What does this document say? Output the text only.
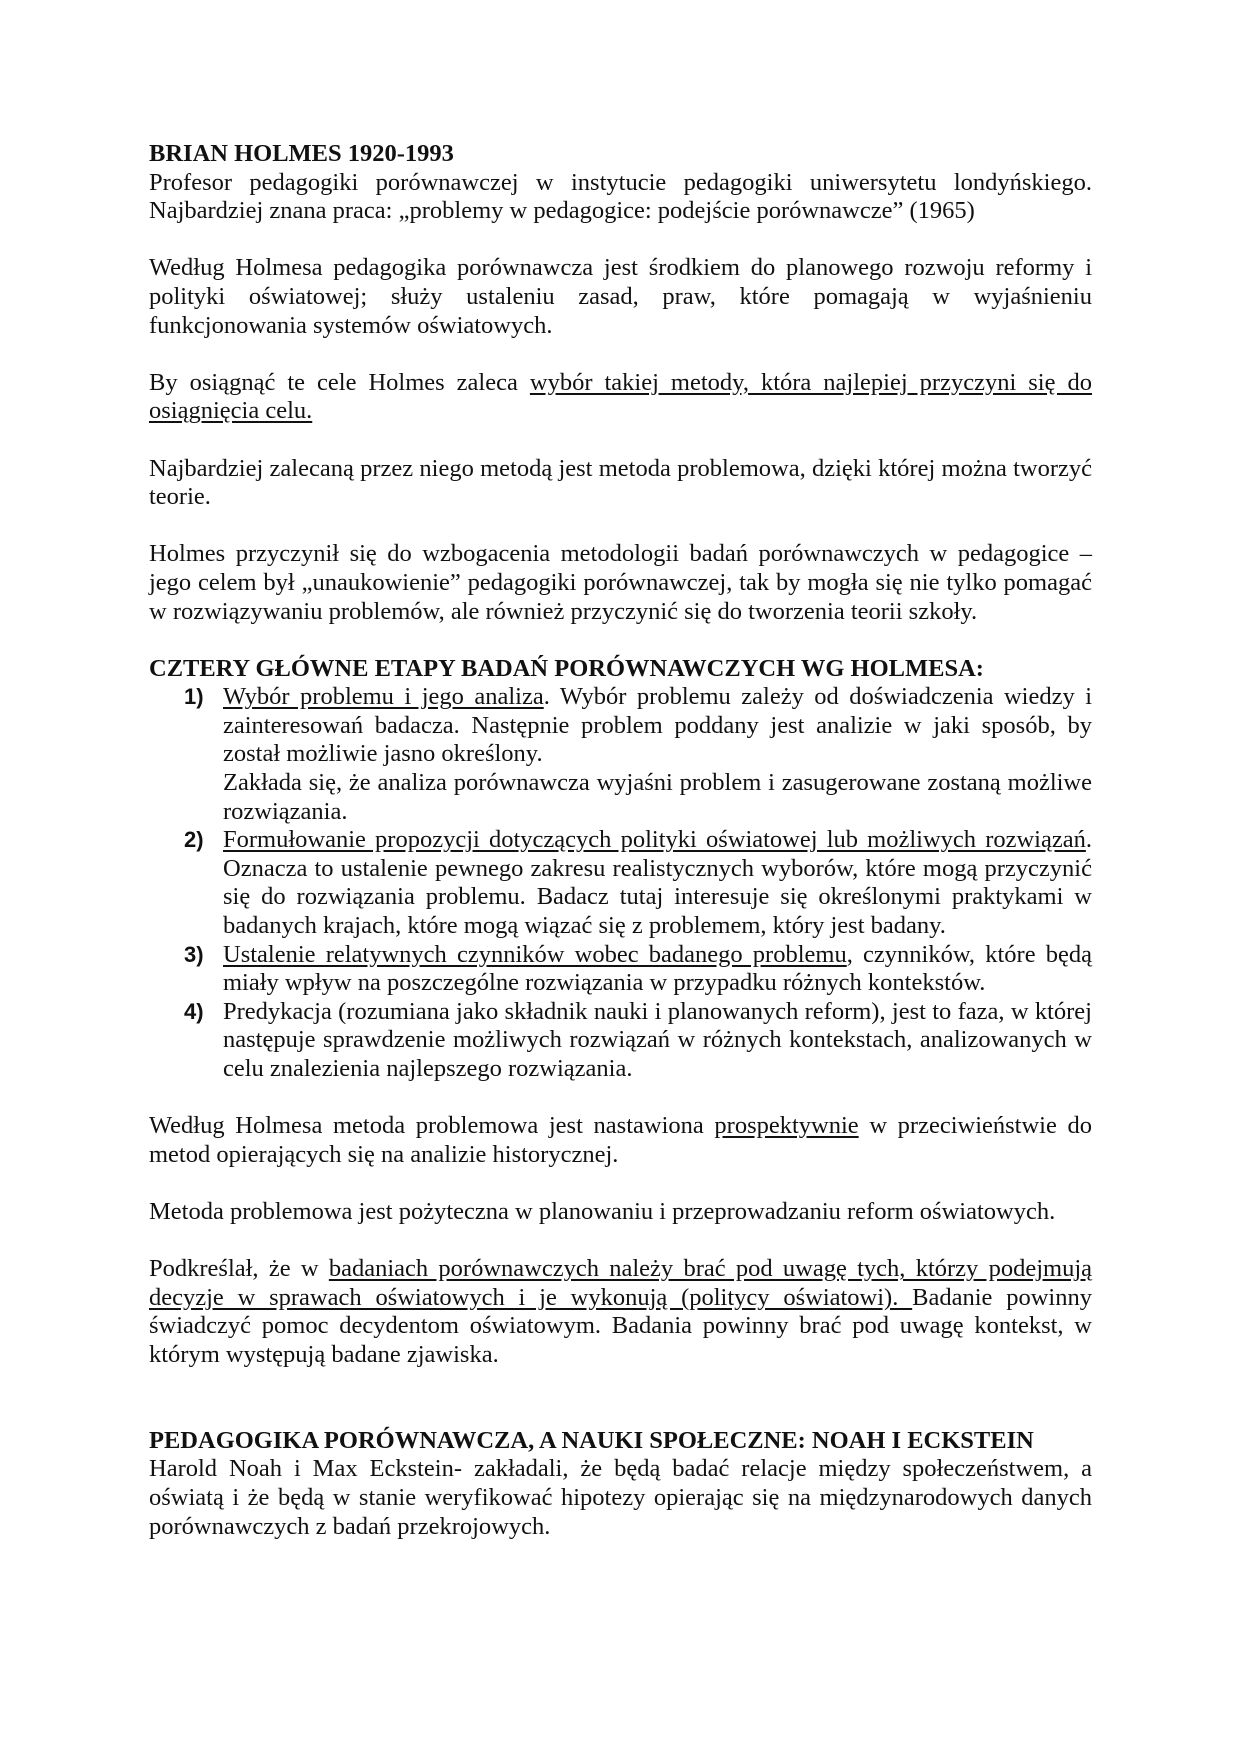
BRIAN HOLMES 1920-1993

Profesor pedagogiki porównawczej w instytucie pedagogiki uniwersytetu londyńskiego. Najbardziej znana praca: „problemy w pedagogice: podejście porównawcze” (1965)

Według Holmesa pedagogika porównawcza jest środkiem do planowego rozwoju reformy i polityki oświatowej; służy ustaleniu zasad, praw, które pomagają w wyjaśnieniu funkcjonowania systemów oświatowych.

By osiągnąć te cele Holmes zaleca wybór takiej metody, która najlepiej przyczyni się do osiągnięcia celu.

Najbardziej zalecaną przez niego metodą jest metoda problemowa, dzięki której można tworzyć teorie.

Holmes przyczynił się do wzbogacenia metodologii badań porównawczych w pedagogice – jego celem był „unaukowienie” pedagogiki porównawczej, tak by mogła się nie tylko pomagać w rozwiązywaniu problemów, ale również przyczynić się do tworzenia teorii szkoły.

CZTERY GŁÓWNE ETAPY BADAŃ PORÓWNAWCZYCH WG HOLMESA:

1) Wybór problemu i jego analiza. Wybór problemu zależy od doświadczenia wiedzy i zainteresowań badacza. Następnie problem poddany jest analizie w jaki sposób, by został możliwie jasno określony.

Zakłada się, że analiza porównawcza wyjaśni problem i zasugerowane zostaną możliwe rozwiązania.

2) Formułowanie propozycji dotyczących polityki oświatowej lub możliwych rozwiązań. Oznacza to ustalenie pewnego zakresu realistycznych wyborów, które mogą przyczynić się do rozwiązania problemu. Badacz tutaj interesuje się określonymi praktykami w badanych krajach, które mogą wiązać się z problemem, który jest badany.

3) Ustalenie relatywnych czynników wobec badanego problemu, czynników, które będą miały wpływ na poszczególne rozwiązania w przypadku różnych kontekstów.

4) Predykacja (rozumiana jako składnik nauki i planowanych reform), jest to faza, w której następuje sprawdzenie możliwych rozwiązań w różnych kontekstach, analizowanych w celu znalezienia najlepszego rozwiązania.

Według Holmesa metoda problemowa jest nastawiona prospektywnie w przeciwieństwie do metod opierających się na analizie historycznej.

Metoda problemowa jest pożyteczna w planowaniu i przeprowadzaniu reform oświatowych.

Podkreślał, że w badaniach porównawczych należy brać pod uwagę tych, którzy podejmują decyzje w sprawach oświatowych i je wykonują (politycy oświatowi). Badanie powinny świadczyć pomoc decydentom oświatowym. Badania powinny brać pod uwagę kontekst, w którym występują badane zjawiska.

PEDAGOGIKA PORÓWNAWCZA, A NAUKI SPOŁECZNE: NOAH I ECKSTEIN

Harold Noah i Max Eckstein- zakładali, że będą badać relacje między społeczeństwem, a oświatą i że będą w stanie weryfikować hipotezy opierając się na międzynarodowych danych porównawczych z badań przekrojowych.
